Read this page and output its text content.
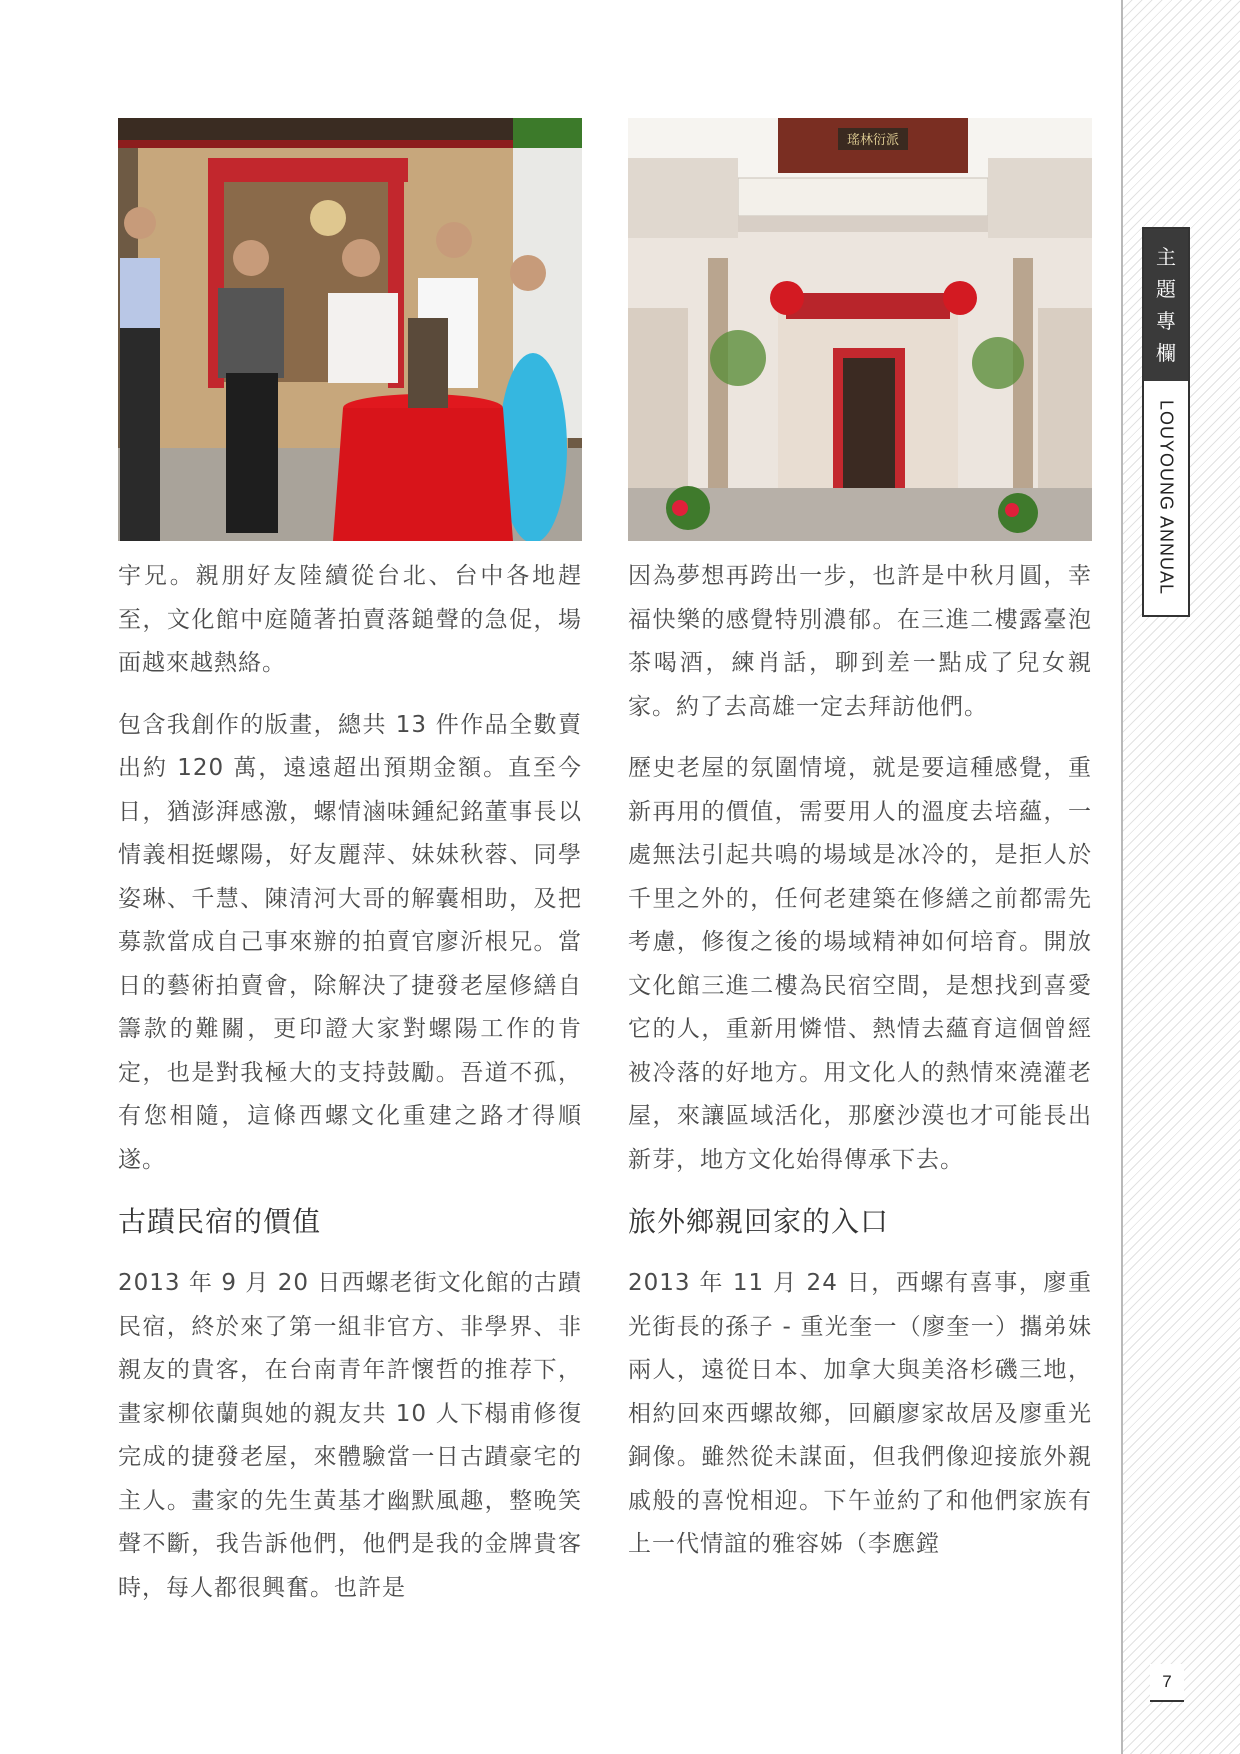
主
題
專
欄
LOUYOUNG ANNUAL
7
瑤林衍派

宇兄。親朋好友陸續從台北、台中各地趕至，文化館中庭隨著拍賣落鎚聲的急促，場面越來越熱絡。

包含我創作的版畫，總共 13 件作品全數賣出約 120 萬，遠遠超出預期金額。直至今日，猶澎湃感激，螺情滷味鍾紀銘董事長以情義相挺螺陽，好友麗萍、妹妹秋蓉、同學姿琳、千慧、陳清河大哥的解囊相助，及把募款當成自己事來辦的拍賣官廖沂根兄。當日的藝術拍賣會，除解決了捷發老屋修繕自籌款的難關，更印證大家對螺陽工作的肯定，也是對我極大的支持鼓勵。吾道不孤，有您相隨，這條西螺文化重建之路才得順遂。

古蹟民宿的價值

2013 年 9 月 20 日西螺老街文化館的古蹟民宿，終於來了第一組非官方、非學界、非親友的貴客，在台南青年許懷哲的推荐下， 畫家柳依蘭與她的親友共 10 人下榻甫修復完成的捷發老屋，來體驗當一日古蹟豪宅的主人。畫家的先生黃基才幽默風趣，整晚笑聲不斷，我告訴他們，他們是我的金牌貴客時，每人都很興奮。也許是

因為夢想再跨出一步，也許是中秋月圓，幸福快樂的感覺特別濃郁。在三進二樓露臺泡茶喝酒，練肖話，聊到差一點成了兒女親家。約了去高雄一定去拜訪他們。

歷史老屋的氛圍情境，就是要這種感覺，重新再用的價值，需要用人的溫度去培蘊，一處無法引起共鳴的場域是冰冷的，是拒人於千里之外的，任何老建築在修繕之前都需先考慮，修復之後的場域精神如何培育。開放文化館三進二樓為民宿空間，是想找到喜愛它的人，重新用憐惜、熱情去蘊育這個曾經被冷落的好地方。用文化人的熱情來澆灌老屋，來讓區域活化，那麼沙漠也才可能長出新芽，地方文化始得傳承下去。

旅外鄉親回家的入口

2013 年 11 月 24 日，西螺有喜事，廖重光街長的孫子 - 重光奎一（廖奎一）攜弟妹兩人，遠從日本、加拿大與美洛杉磯三地，相約回來西螺故鄉，回顧廖家故居及廖重光銅像。雖然從未謀面，但我們像迎接旅外親戚般的喜悅相迎。下午並約了和他們家族有上一代情誼的雅容姊（李應鏜
